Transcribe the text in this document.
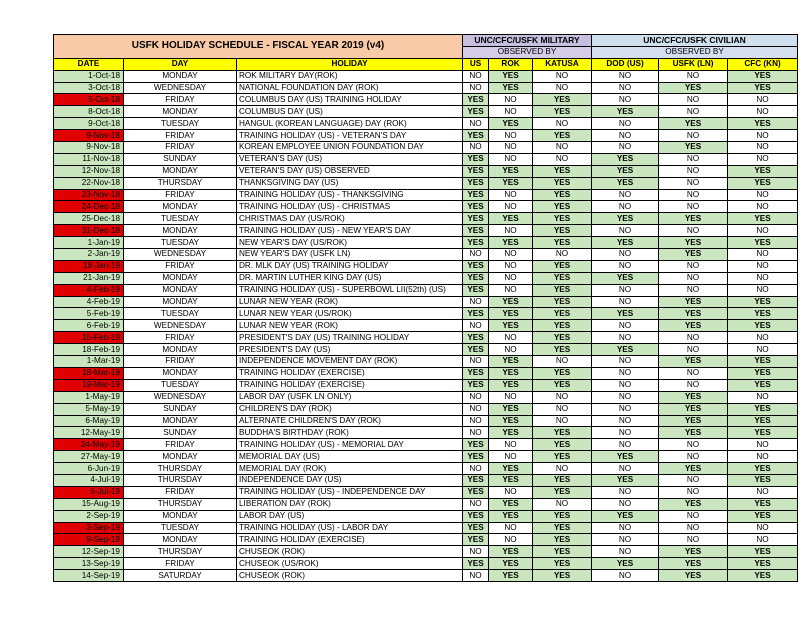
USFK HOLIDAY SCHEDULE - FISCAL YEAR 2019 (v4)			UNC/CFC/USFK MILITARY			UNC/CFC/USFK CIVILIAN		
			OBSERVED BY			OBSERVED BY		
DATE	DAY	HOLIDAY	US	ROK	KATUSA	DOD (US)	USFK (LN)	CFC (KN)
1-Oct-18	MONDAY	ROK MILITARY DAY(ROK)	NO	YES	NO	NO	NO	YES
3-Oct-18	WEDNESDAY	NATIONAL FOUNDATION DAY (ROK)	NO	YES	NO	NO	YES	YES
5-Oct-18	FRIDAY	COLUMBUS DAY (US) TRAINING HOLIDAY	YES	NO	YES	NO	NO	NO
8-Oct-18	MONDAY	COLUMBUS DAY (US)	YES	NO	YES	YES	NO	NO
9-Oct-18	TUESDAY	HANGUL (KOREAN LANGUAGE) DAY (ROK)	NO	YES	NO	NO	YES	YES
9-Nov-18	FRIDAY	TRAINING HOLIDAY (US) - VETERAN'S DAY	YES	NO	YES	NO	NO	NO
9-Nov-18	FRIDAY	KOREAN EMPLOYEE UNION FOUNDATION DAY	NO	NO	NO	NO	YES	NO
11-Nov-18	SUNDAY	VETERAN'S DAY (US)	YES	NO	NO	YES	NO	NO
12-Nov-18	MONDAY	VETERAN'S DAY (US) OBSERVED	YES	YES	YES	YES	NO	YES
22-Nov-18	THURSDAY	THANKSGIVING DAY (US)	YES	YES	YES	YES	NO	YES
23-Nov-18	FRIDAY	TRAINING HOLIDAY (US) - THANKSGIVING	YES	NO	YES	NO	NO	NO
24-Dec-18	MONDAY	TRAINING HOLIDAY (US) - CHRISTMAS	YES	NO	YES	NO	NO	NO
25-Dec-18	TUESDAY	CHRISTMAS DAY (US/ROK)	YES	YES	YES	YES	YES	YES
31-Dec-18	MONDAY	TRAINING HOLIDAY (US) - NEW YEAR'S DAY	YES	NO	YES	NO	NO	NO
1-Jan-19	TUESDAY	NEW YEAR'S DAY (US/ROK)	YES	YES	YES	YES	YES	YES
2-Jan-19	WEDNESDAY	NEW YEAR'S DAY (USFK LN)	NO	NO	NO	NO	YES	NO
18-Jan-19	FRIDAY	DR. MLK DAY (US) TRAINING HOLIDAY	YES	NO	YES	NO	NO	NO
21-Jan-19	MONDAY	DR. MARTIN LUTHER KING DAY (US)	YES	NO	YES	YES	NO	NO
4-Feb-19	MONDAY	TRAINING HOLIDAY (US) - SUPERBOWL LII(52th) (US)	YES	NO	YES	NO	NO	NO
4-Feb-19	MONDAY	LUNAR NEW YEAR (ROK)	NO	YES	YES	NO	YES	YES
5-Feb-19	TUESDAY	LUNAR NEW YEAR (US/ROK)	YES	YES	YES	YES	YES	YES
6-Feb-19	WEDNESDAY	LUNAR NEW YEAR (ROK)	NO	YES	YES	NO	YES	YES
15-Feb-19	FRIDAY	PRESIDENT'S DAY (US) TRAINING HOLIDAY	YES	NO	YES	NO	NO	NO
18-Feb-19	MONDAY	PRESIDENT'S DAY (US)	YES	NO	YES	YES	NO	NO
1-Mar-19	FRIDAY	INDEPENDENCE MOVEMENT DAY (ROK)	NO	YES	NO	NO	YES	YES
18-Mar-19	MONDAY	TRAINING HOLIDAY (EXERCISE)	YES	YES	YES	NO	NO	YES
19-Mar-19	TUESDAY	TRAINING HOLIDAY (EXERCISE)	YES	YES	YES	NO	NO	YES
1-May-19	WEDNESDAY	LABOR DAY (USFK LN ONLY)	NO	NO	NO	NO	YES	NO
5-May-19	SUNDAY	CHILDREN'S DAY (ROK)	NO	YES	NO	NO	YES	YES
6-May-19	MONDAY	ALTERNATE CHILDREN'S DAY (ROK)	NO	YES	NO	NO	YES	YES
12-May-19	SUNDAY	BUDDHA'S BIRTHDAY (ROK)	NO	YES	YES	NO	YES	YES
24-May-19	FRIDAY	TRAINING HOLIDAY (US) - MEMORIAL DAY	YES	NO	YES	NO	NO	NO
27-May-19	MONDAY	MEMORIAL DAY (US)	YES	NO	YES	YES	NO	NO
6-Jun-19	THURSDAY	MEMORIAL DAY (ROK)	NO	YES	NO	NO	YES	YES
4-Jul-19	THURSDAY	INDEPENDENCE DAY (US)	YES	YES	YES	YES	NO	YES
5-Jul-19	FRIDAY	TRAINING HOLIDAY (US) - INDEPENDENCE DAY	YES	NO	YES	NO	NO	NO
15-Aug-19	THURSDAY	LIBERATION DAY (ROK)	NO	YES	NO	NO	YES	YES
2-Sep-19	MONDAY	LABOR DAY (US)	YES	YES	YES	YES	NO	YES
3-Sep-19	TUESDAY	TRAINING HOLIDAY (US) - LABOR DAY	YES	NO	YES	NO	NO	NO
9-Sep-19	MONDAY	TRAINING HOLIDAY (EXERCISE)	YES	NO	YES	NO	NO	NO
12-Sep-19	THURSDAY	CHUSEOK (ROK)	NO	YES	YES	NO	YES	YES
13-Sep-19	FRIDAY	CHUSEOK (US/ROK)	YES	YES	YES	YES	YES	YES
14-Sep-19	SATURDAY	CHUSEOK (ROK)	NO	YES	YES	NO	YES	YES
